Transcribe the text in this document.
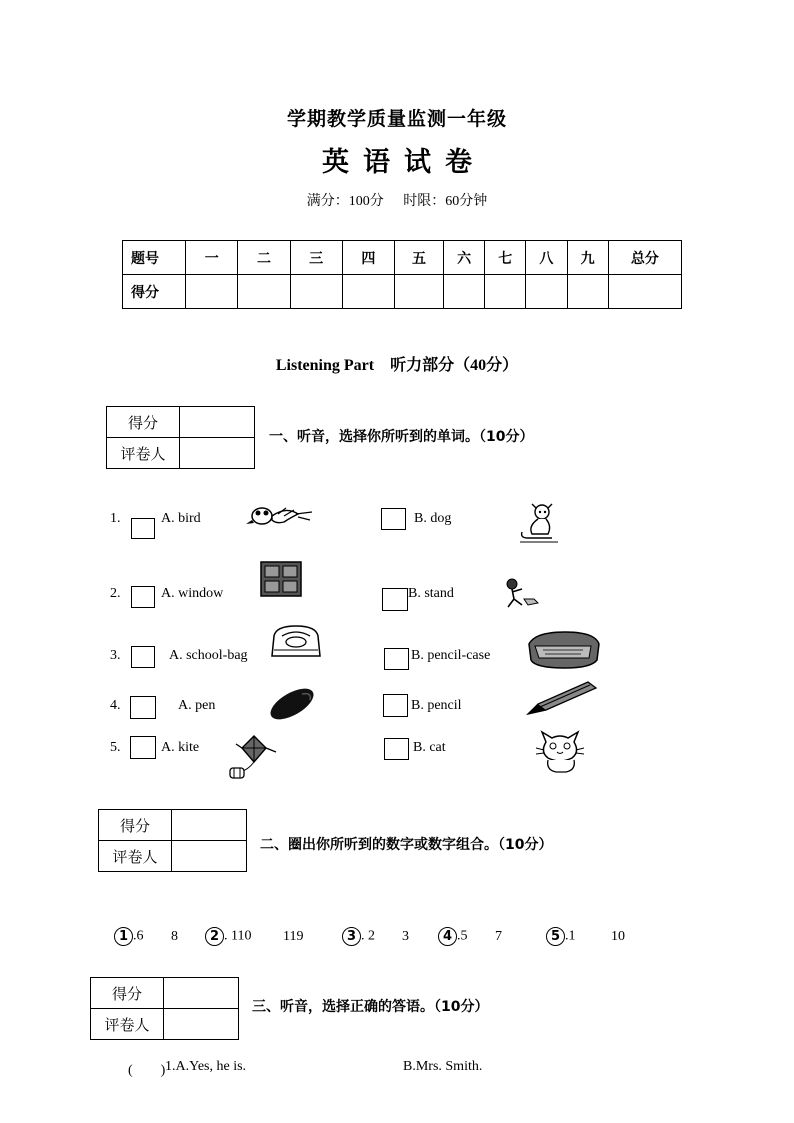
学期教学质量监测一年级
英语试卷
满分：100分 时限：60分钟
题号	一	二	三	四	五	六	七	八	九	总分
得分										
Listening Part　听力部分（40分）
得分	
评卷人	
一、听音，选择你所听到的单词。（10分）
1.	A. bird	B. dog
2.	A. window	B. stand
3.	A. school-bag	B. pencil-case
4.	A. pen	B. pencil
5.	A. kite	B. cat
得分	
评卷人	
二、圈出你所听到的数字或数字组合。（10分）
1 .6 8	2 . 110 119	3 . 2 3	4 .5 7	5 .1	10
得分	
评卷人	
三、听音，选择正确的答语。（10分）
(　　) 1.A.Yes, he is.	B.Mrs. Smith.
